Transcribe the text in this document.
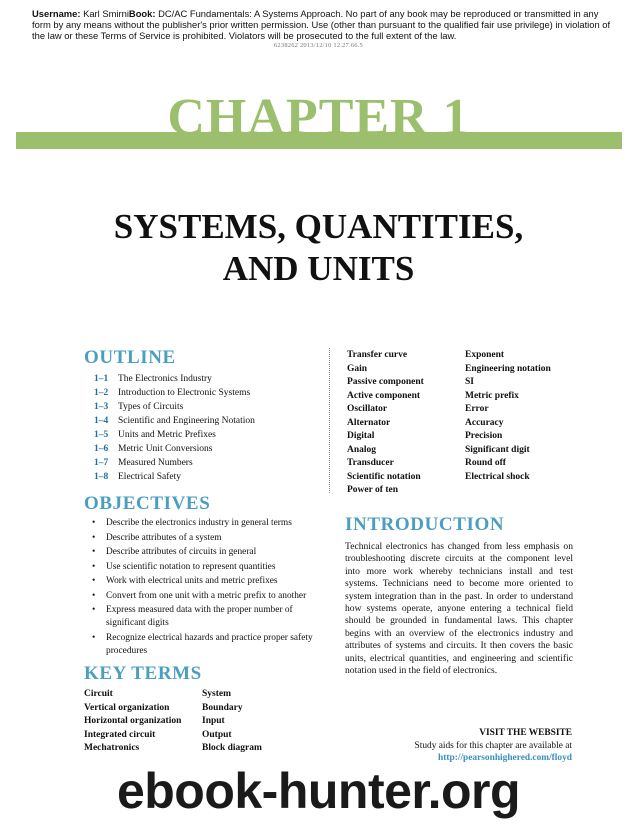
Username: Karl SmirniBook: DC/AC Fundamentals: A Systems Approach. No part of any book may be reproduced or transmitted in any form by any means without the publisher's prior written permission. Use (other than pursuant to the qualified fair use privilege) in violation of the law or these Terms of Service is prohibited. Violators will be prosecuted to the full extent of the law.
6238262 2013/12/10 12.27.66.5
CHAPTER 1
SYSTEMS, QUANTITIES,
AND UNITS
OUTLINE
1–1 The Electronics Industry
1–2 Introduction to Electronic Systems
1–3 Types of Circuits
1–4 Scientific and Engineering Notation
1–5 Units and Metric Prefixes
1–6 Metric Unit Conversions
1–7 Measured Numbers
1–8 Electrical Safety
OBJECTIVES
• Describe the electronics industry in general terms
• Describe attributes of a system
• Describe attributes of circuits in general
• Use scientific notation to represent quantities
• Work with electrical units and metric prefixes
• Convert from one unit with a metric prefix to another
• Express measured data with the proper number of significant digits
• Recognize electrical hazards and practice proper safety procedures
KEY TERMS
Circuit
Vertical organization
Horizontal organization
Integrated circuit
Mechatronics
System
Boundary
Input
Output
Block diagram
Transfer curve
Gain
Passive component
Active component
Oscillator
Alternator
Digital
Analog
Transducer
Scientific notation
Power of ten
Exponent
Engineering notation
SI
Metric prefix
Error
Accuracy
Precision
Significant digit
Round off
Electrical shock
INTRODUCTION
Technical electronics has changed from less emphasis on troubleshooting discrete circuits at the component level into more work whereby technicians install and test systems. Technicians need to become more oriented to system integration than in the past. In order to understand how systems operate, anyone entering a technical field should be grounded in fundamental laws. This chapter begins with an overview of the electronics industry and attributes of systems and circuits. It then covers the basic units, electrical quantities, and engineering and scientific notation used in the field of electronics.
VISIT THE WEBSITE
Study aids for this chapter are available at
http://pearsonhighered.com/floyd
ebook-hunter.org
